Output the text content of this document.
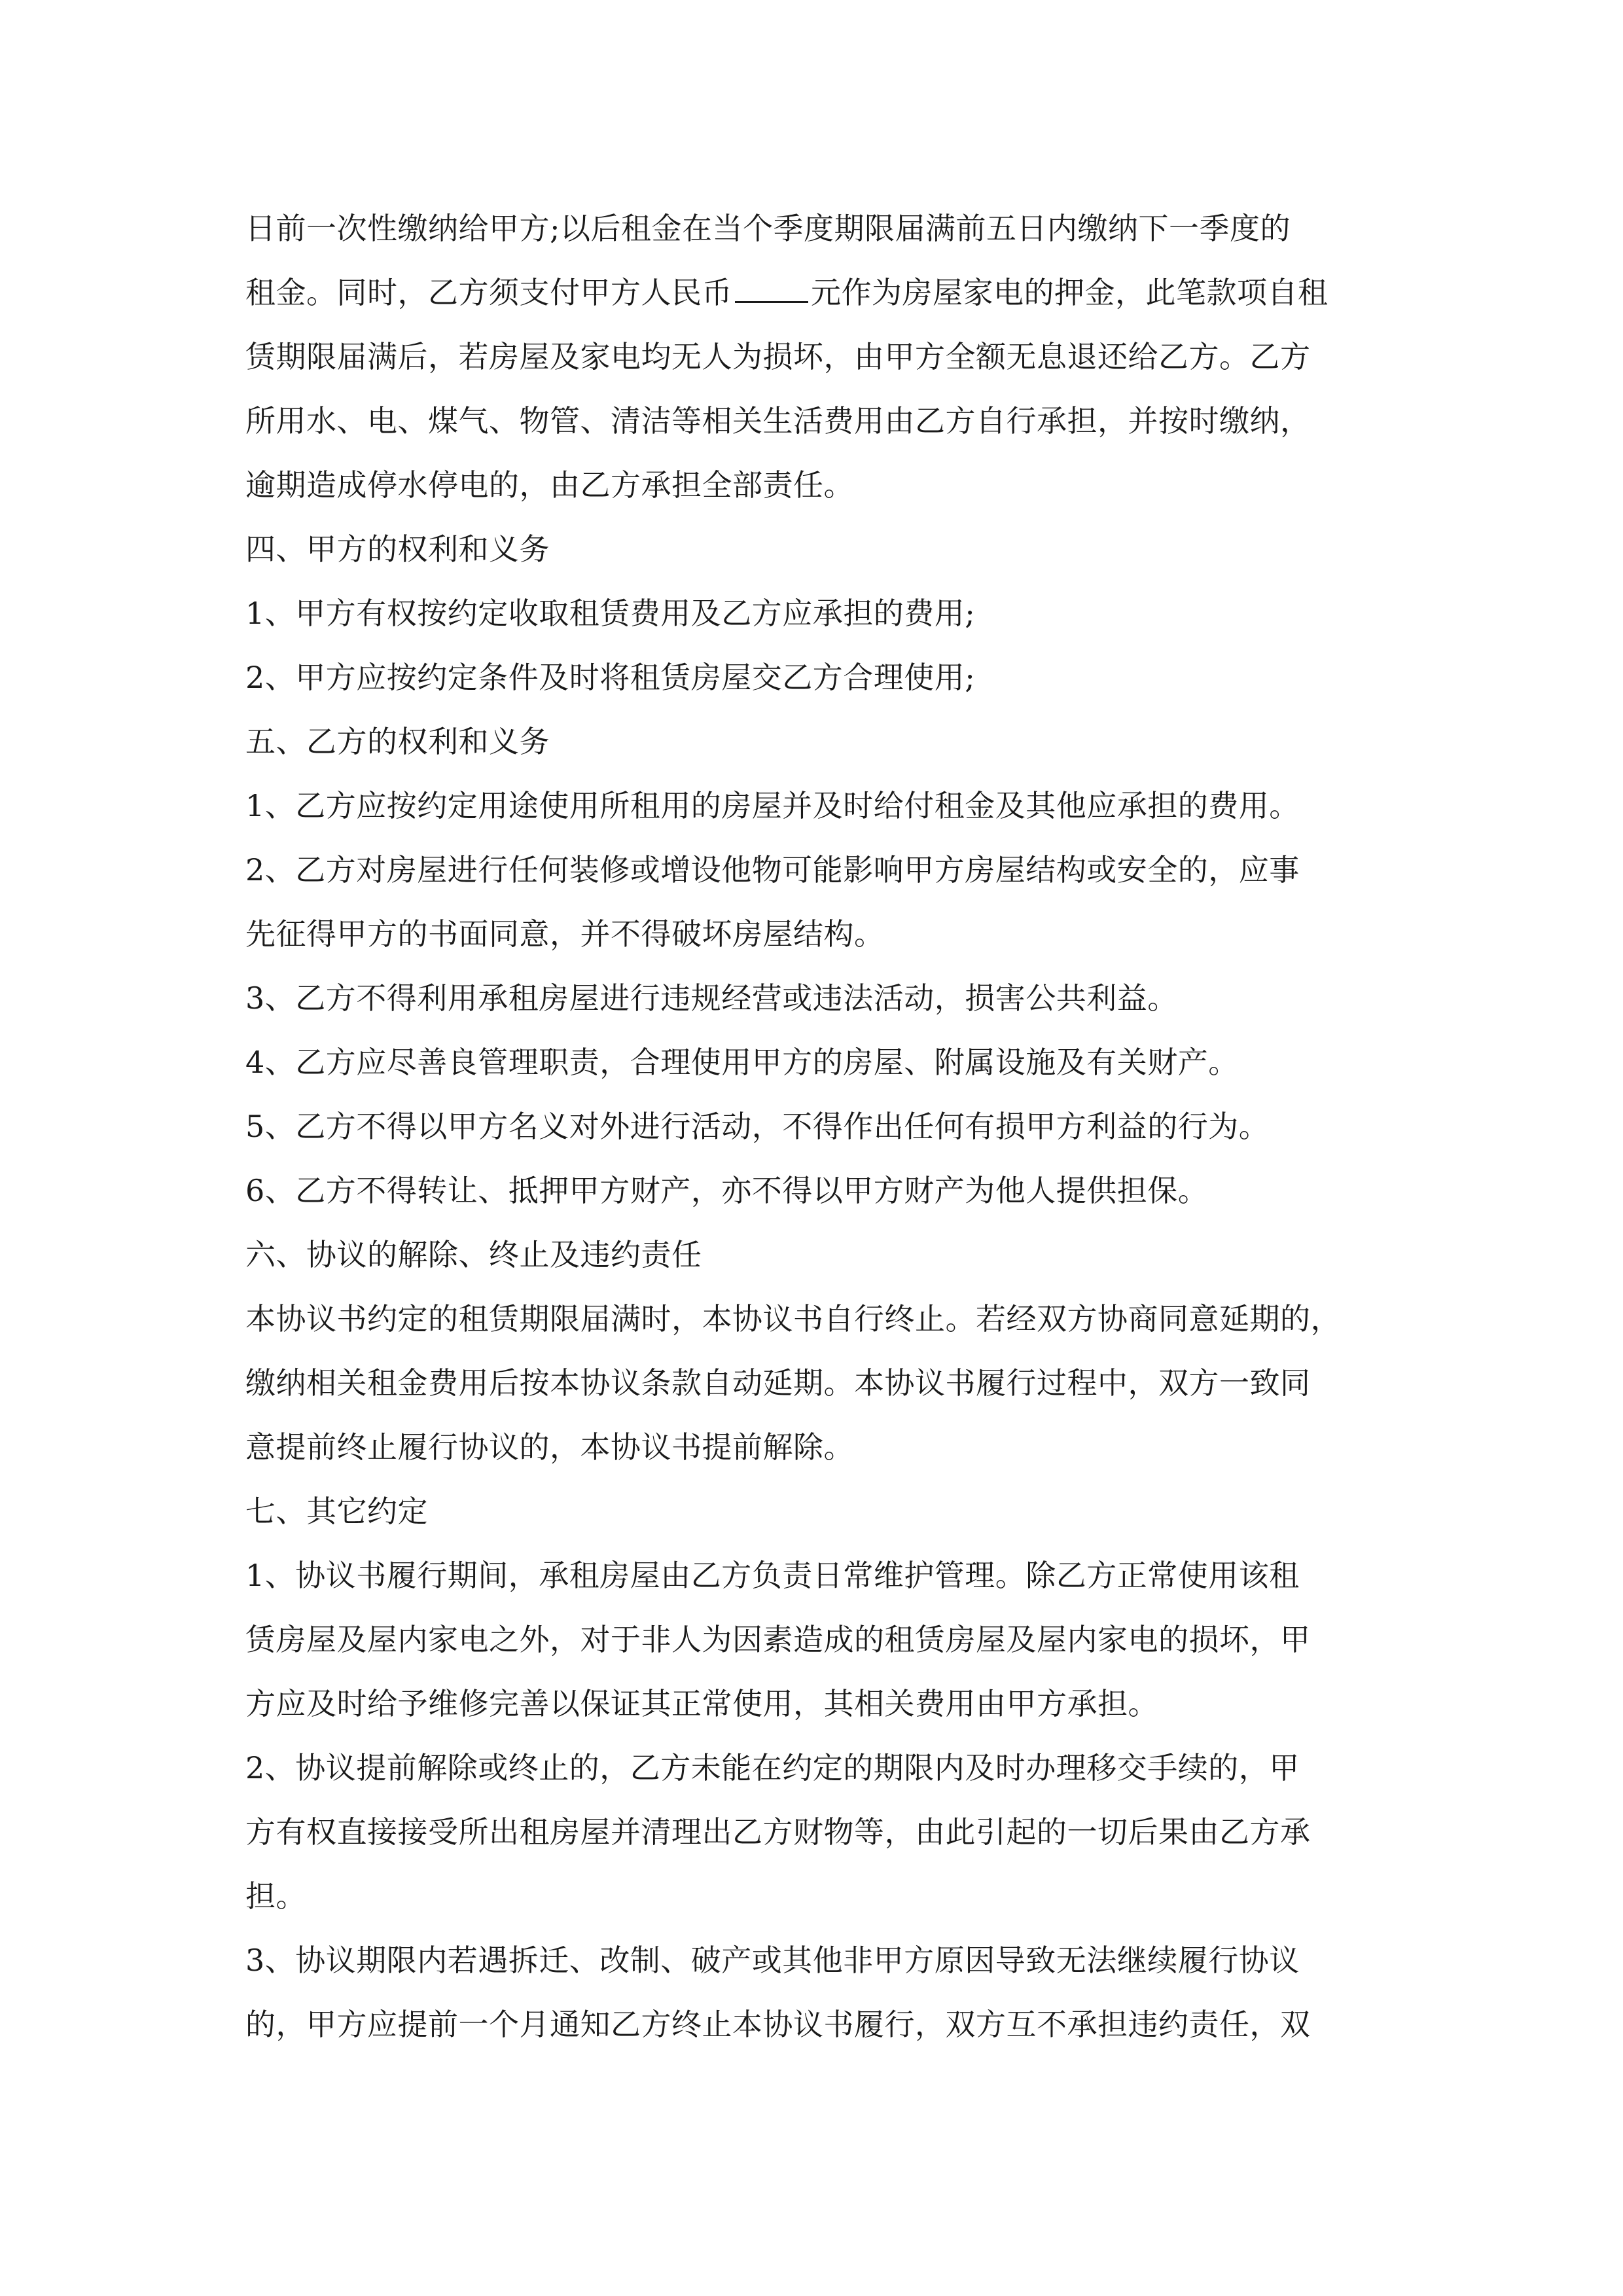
日前一次性缴纳给甲方;以后租金在当个季度期限届满前五日内缴纳下一季度的

租金。同时，乙方须支付甲方人民币	元作为房屋家电的押金，此笔款项自租

赁期限届满后，若房屋及家电均无人为损坏，由甲方全额无息退还给乙方。乙方

所用水、电、煤气、物管、清洁等相关生活费用由乙方自行承担，并按时缴纳，

逾期造成停水停电的，由乙方承担全部责任。

四、甲方的权利和义务

1、甲方有权按约定收取租赁费用及乙方应承担的费用;

2、甲方应按约定条件及时将租赁房屋交乙方合理使用;

五、乙方的权利和义务

1、乙方应按约定用途使用所租用的房屋并及时给付租金及其他应承担的费用。

2、乙方对房屋进行任何装修或增设他物可能影响甲方房屋结构或安全的，应事

先征得甲方的书面同意，并不得破坏房屋结构。

3、乙方不得利用承租房屋进行违规经营或违法活动，损害公共利益。

4、乙方应尽善良管理职责，合理使用甲方的房屋、附属设施及有关财产。

5、乙方不得以甲方名义对外进行活动，不得作出任何有损甲方利益的行为。

6、乙方不得转让、抵押甲方财产，亦不得以甲方财产为他人提供担保。

六、协议的解除、终止及违约责任

本协议书约定的租赁期限届满时，本协议书自行终止。若经双方协商同意延期的，

缴纳相关租金费用后按本协议条款自动延期。本协议书履行过程中，双方一致同

意提前终止履行协议的，本协议书提前解除。

七、其它约定

1、协议书履行期间，承租房屋由乙方负责日常维护管理。除乙方正常使用该租

赁房屋及屋内家电之外，对于非人为因素造成的租赁房屋及屋内家电的损坏，甲

方应及时给予维修完善以保证其正常使用，其相关费用由甲方承担。

2、协议提前解除或终止的，乙方未能在约定的期限内及时办理移交手续的，甲

方有权直接接受所出租房屋并清理出乙方财物等，由此引起的一切后果由乙方承

担。

3、协议期限内若遇拆迁、改制、破产或其他非甲方原因导致无法继续履行协议

的，甲方应提前一个月通知乙方终止本协议书履行，双方互不承担违约责任，双
